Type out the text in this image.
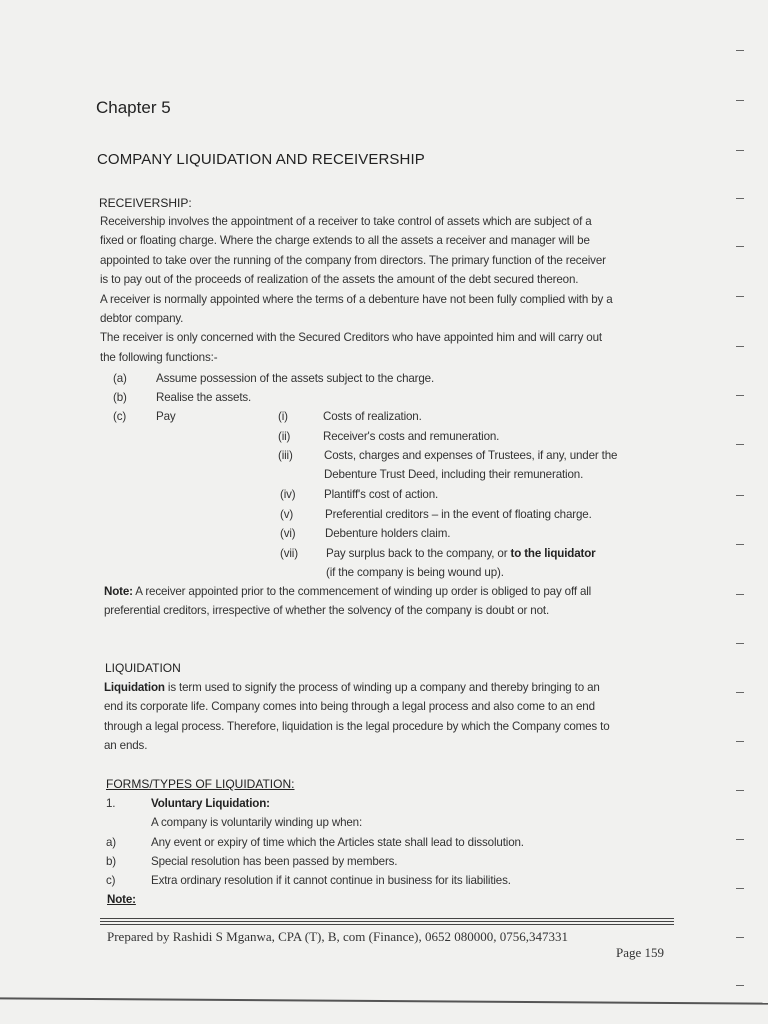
Chapter 5
COMPANY LIQUIDATION AND RECEIVERSHIP
RECEIVERSHIP:

Receivership involves the appointment of a receiver to take control of assets which are subject of a

fixed or floating charge. Where the charge extends to all the assets a receiver and manager will be

appointed to take over the running of the company from directors. The primary function of the receiver

is to pay out of the proceeds of realization of the assets the amount of the debt secured thereon.

A receiver is normally appointed where the terms of a debenture have not been fully complied with by a

debtor company.

The receiver is only concerned with the Secured Creditors who have appointed him and will carry out

the following functions:-

(a)	Assume possession of the assets subject to the charge.
(b)	Realise the assets.
(c)	Pay	(i)	Costs of realization.
(ii)	Receiver's costs and remuneration.
(iii)	Costs, charges and expenses of Trustees, if any, under the
Debenture Trust Deed, including their remuneration.
(iv) Plantiff's cost of action.
(v)	Preferential creditors – in the event of floating charge.
(vi)	Debenture holders claim.
(vii) Pay surplus back to the company, or to the liquidator
(if the company is being wound up).

Note: A receiver appointed prior to the commencement of winding up order is obliged to pay off all

preferential creditors, irrespective of whether the solvency of the company is doubt or not.

LIQUIDATION

Liquidation is term used to signify the process of winding up a company and thereby bringing to an

end its corporate life. Company comes into being through a legal process and also come to an end

through a legal process. Therefore, liquidation is the legal procedure by which the Company comes to

an ends.

FORMS/TYPES OF LIQUIDATION:
1.	Voluntary Liquidation:
A company is voluntarily winding up when:
a)	Any event or expiry of time which the Articles state shall lead to dissolution.
b)	Special resolution has been passed by members.
c)	Extra ordinary resolution if it cannot continue in business for its liabilities.
Note:
Prepared by Rashidi S Mganwa, CPA (T), B, com (Finance), 0652 080000, 0756,347331
Page 159
